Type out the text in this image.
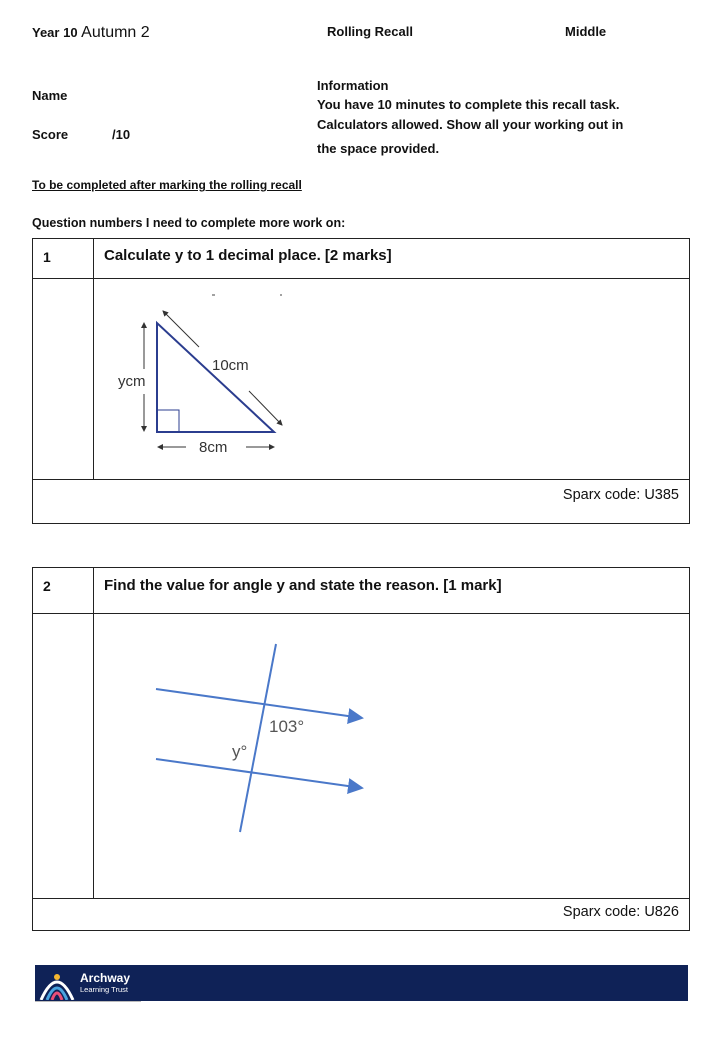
Year 10 Autumn 2	Rolling Recall	Middle
Name
Score	/10
Information
You have 10 minutes to complete this recall task.
Calculators allowed. Show all your working out in
the space provided.
To be completed after marking the rolling recall
Question numbers I need to complete more work on:
1	Calculate y to 1 decimal place. [2 marks]

10cm
ycm
8cm

Sparx code: U385	
2	Find the value for angle y and state the reason. [1 mark]

103°
y°

Sparx code: U826	
Archway
Learning Trust
